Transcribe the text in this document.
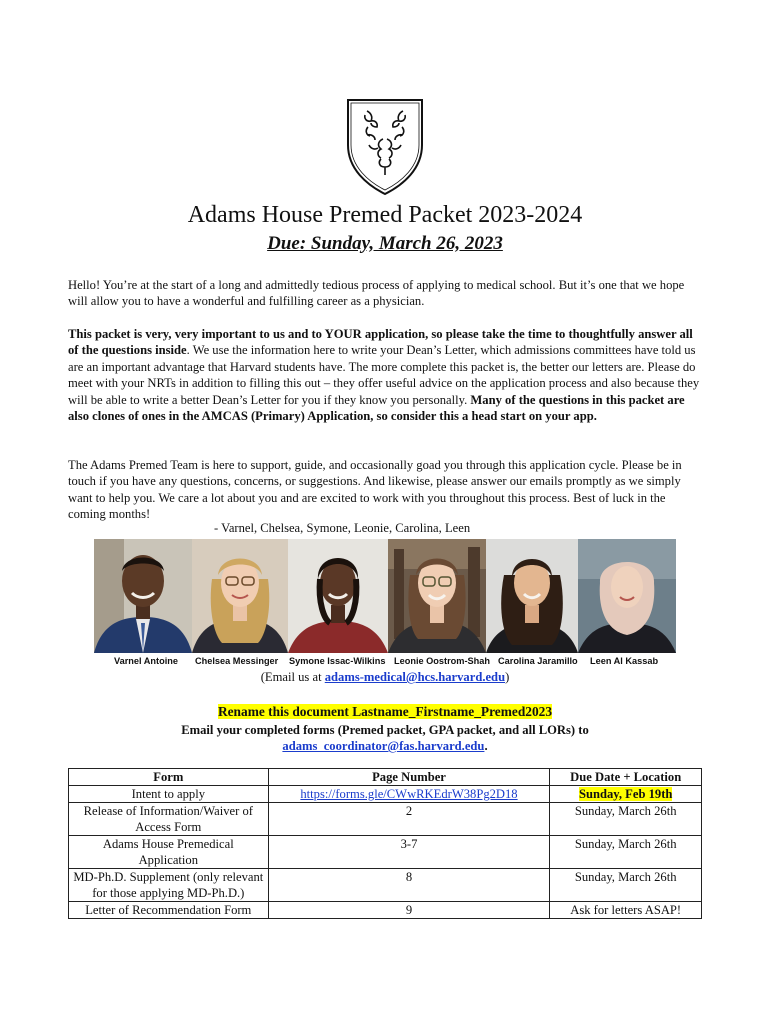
Adams House Premed Packet 2023-2024
Due: Sunday, March 26, 2023
Hello! You’re at the start of a long and admittedly tedious process of applying to medical school. But it’s one that we hope will allow you to have a wonderful and fulfilling career as a physician.
This packet is very, very important to us and to YOUR application, so please take the time to thoughtfully answer all of the questions inside. We use the information here to write your Dean’s Letter, which admissions committees have told us are an important advantage that Harvard students have. The more complete this packet is, the better our letters are. Please do meet with your NRTs in addition to filling this out – they offer useful advice on the application process and also because they will be able to write a better Dean’s Letter for you if they know you personally. Many of the questions in this packet are also clones of ones in the AMCAS (Primary) Application, so consider this a head start on your app.
The Adams Premed Team is here to support, guide, and occasionally goad you through this application cycle. Please be in touch if you have any questions, concerns, or suggestions. And likewise, please answer our emails promptly as we simply want to help you. We care a lot about you and are excited to work with you throughout this process. Best of luck in the coming months!
- Varnel, Chelsea, Symone, Leonie, Carolina, Leen
Varnel Antoine Chelsea Messinger Symone Issac-Wilkins Leonie Oostrom-Shah Carolina Jaramillo Leen Al Kassab
(Email us at adams-medical@hcs.harvard.edu)
Rename this document Lastname_Firstname_Premed2023
Email your completed forms (Premed packet, GPA packet, and all LORs) to
adams_coordinator@fas.harvard.edu.
Form	Page Number	Due Date + Location
Intent to apply	https://forms.gle/CWwRKEdrW38Pg2D18	Sunday, Feb 19th
Release of Information/Waiver of Access Form	2	Sunday, March 26th
Adams House Premedical Application	3-7	Sunday, March 26th
MD-Ph.D. Supplement (only relevant for those applying MD-Ph.D.)	8	Sunday, March 26th
Letter of Recommendation Form	9	Ask for letters ASAP!
